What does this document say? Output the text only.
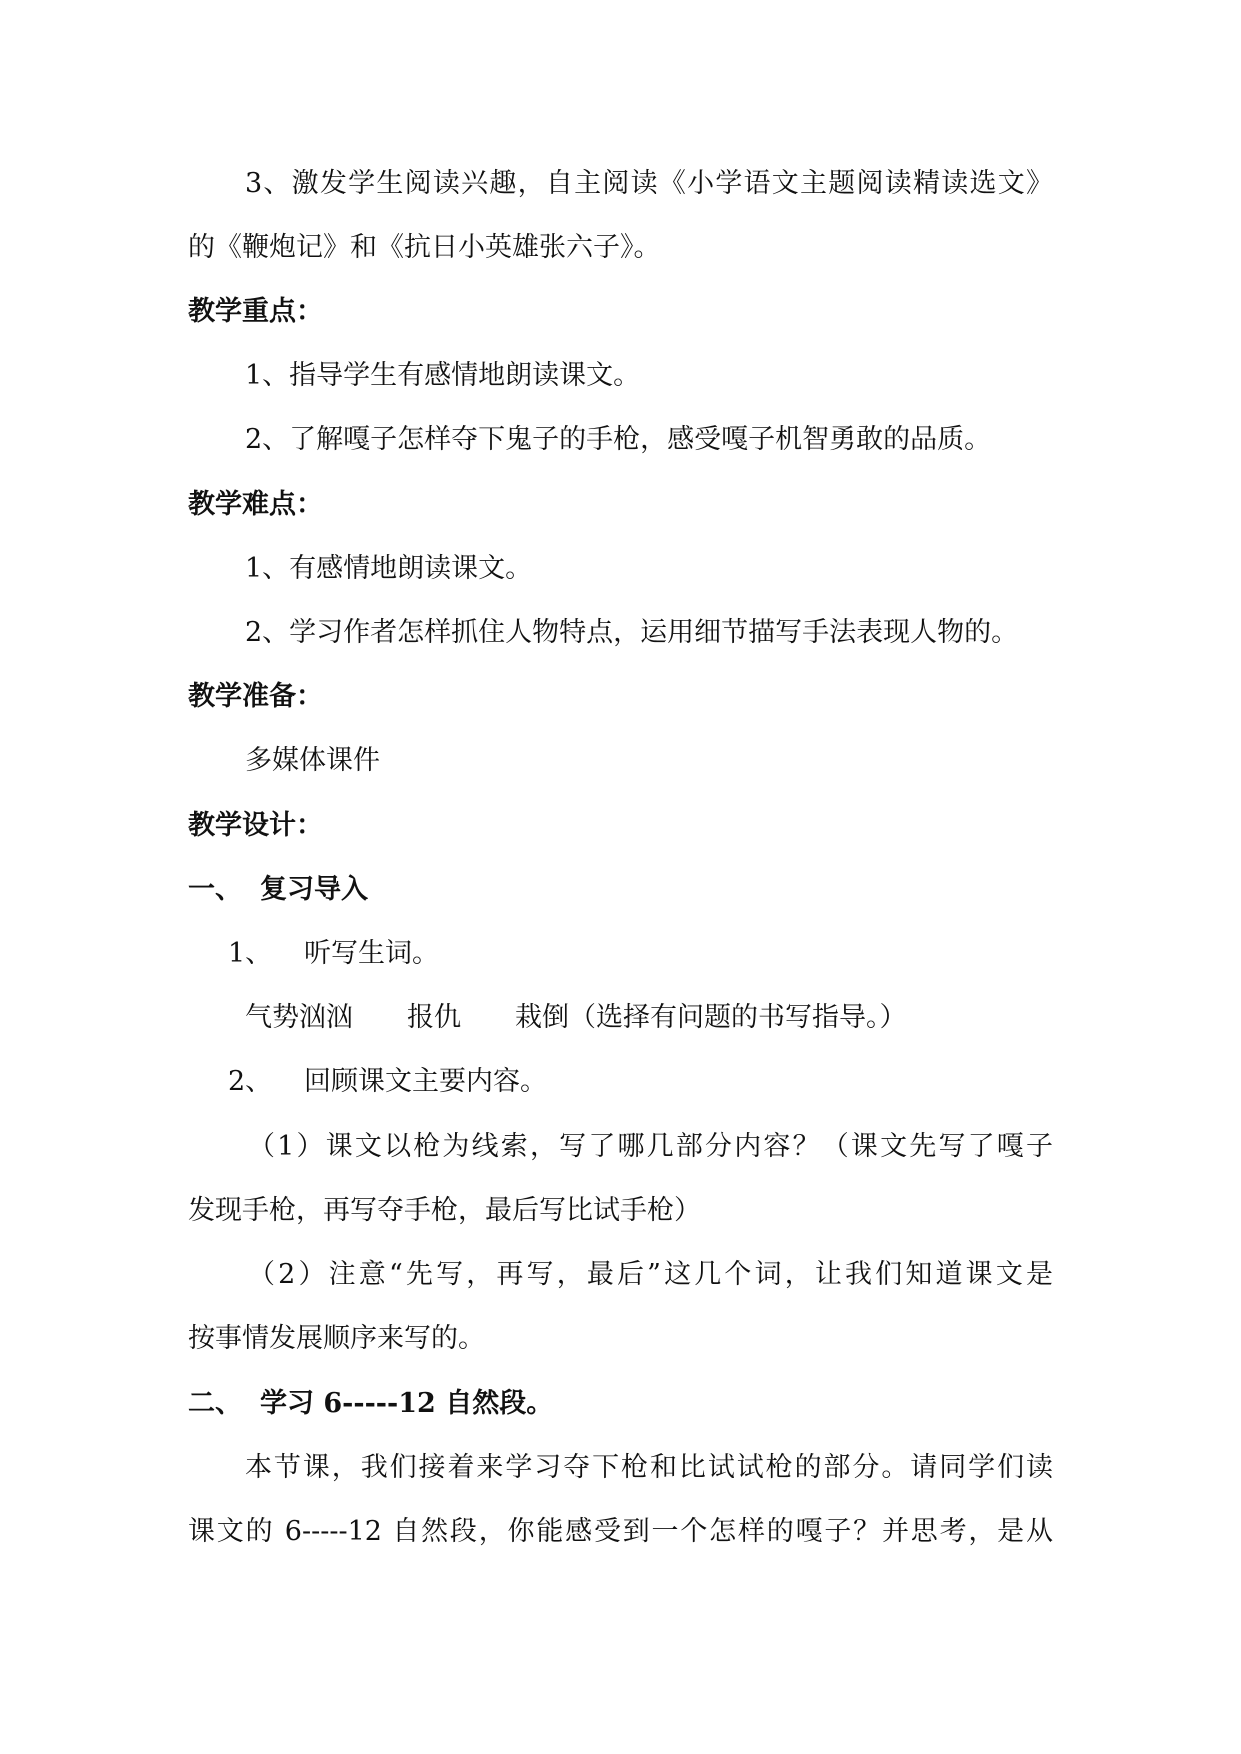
3、激发学生阅读兴趣，自主阅读《小学语文主题阅读精读选文》
的《鞭炮记》和《抗日小英雄张六子》。
教学重点：
1、指导学生有感情地朗读课文。
2、了解嘎子怎样夺下鬼子的手枪，感受嘎子机智勇敢的品质。
教学难点：
1、有感情地朗读课文。
2、学习作者怎样抓住人物特点，运用细节描写手法表现人物的。
教学准备：
多媒体课件
教学设计：
一、 复习导入
1、 听写生词。
气势汹汹　　报仇　　栽倒（选择有问题的书写指导。）
2、 回顾课文主要内容。
（1）课文以枪为线索，写了哪几部分内容？（课文先写了嘎子
发现手枪，再写夺手枪，最后写比试手枪）
（2）注意“先写，再写，最后”这几个词，让我们知道课文是
按事情发展顺序来写的。
二、 学习 6-----12 自然段。
本节课，我们接着来学习夺下枪和比试试枪的部分。请同学们读
课文的 6-----12 自然段，你能感受到一个怎样的嘎子？并思考，是从
